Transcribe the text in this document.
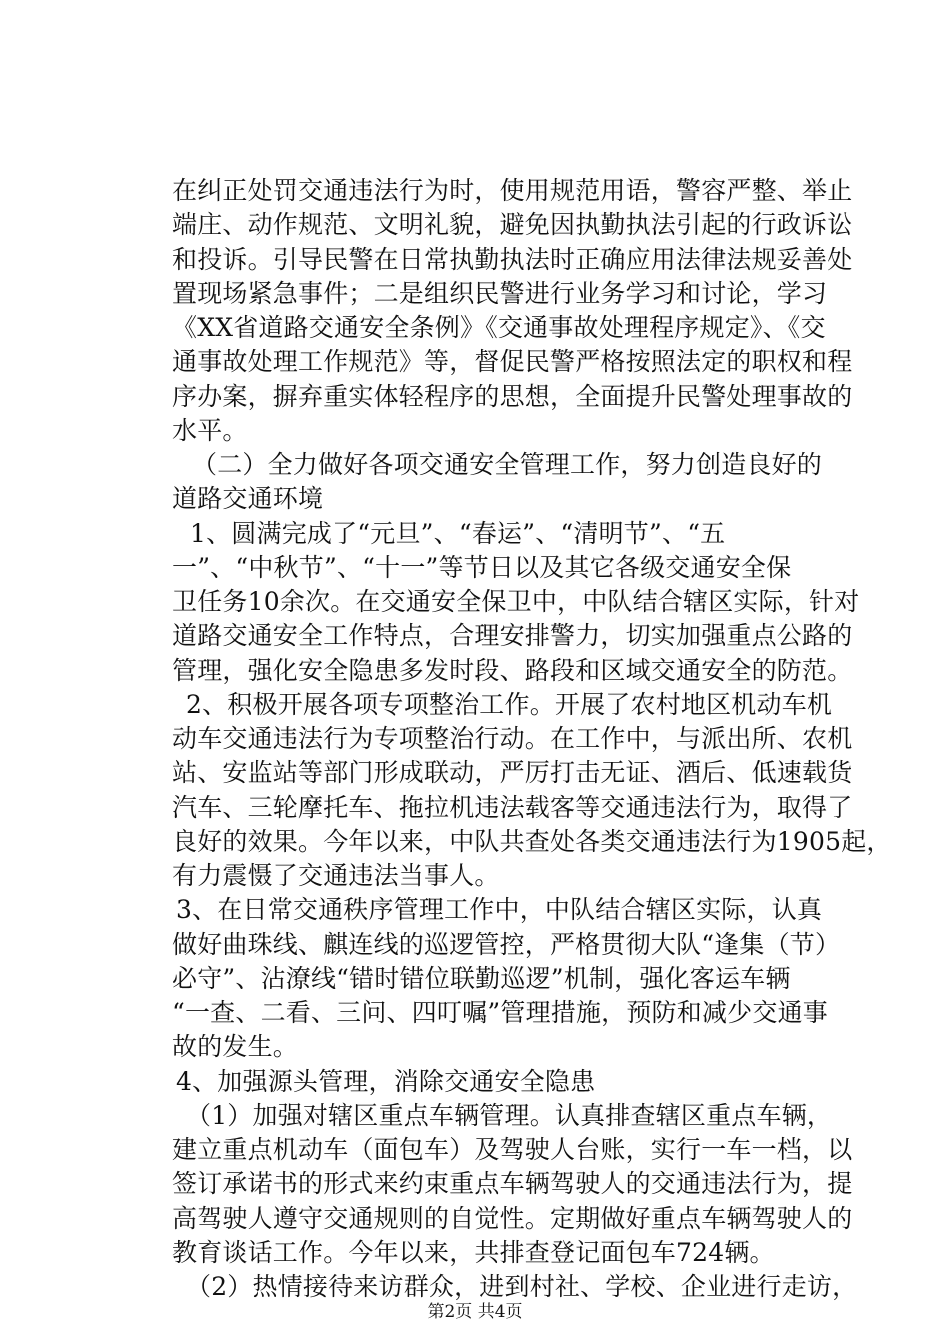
在纠正处罚交通违法行为时，使用规范用语，警容严整、举止
端庄、动作规范、文明礼貌，避免因执勤执法引起的行政诉讼
和投诉。引导民警在日常执勤执法时正确应用法律法规妥善处
置现场紧急事件；二是组织民警进行业务学习和讨论，学习
《XX省道路交通安全条例》《交通事故处理程序规定》、《交
通事故处理工作规范》等，督促民警严格按照法定的职权和程
序办案，摒弃重实体轻程序的思想，全面提升民警处理事故的
水平。
（二）全力做好各项交通安全管理工作，努力创造良好的
道路交通环境
1、圆满完成了“元旦”、“春运”、“清明节”、“五
一”、“中秋节”、“十一”等节日以及其它各级交通安全保
卫任务10余次。在交通安全保卫中，中队结合辖区实际，针对
道路交通安全工作特点，合理安排警力，切实加强重点公路的
管理，强化安全隐患多发时段、路段和区域交通安全的防范。
2、积极开展各项专项整治工作。开展了农村地区机动车机
动车交通违法行为专项整治行动。在工作中，与派出所、农机
站、安监站等部门形成联动，严厉打击无证、酒后、低速载货
汽车、三轮摩托车、拖拉机违法载客等交通违法行为，取得了
良好的效果。今年以来，中队共查处各类交通违法行为1905起，
有力震慑了交通违法当事人。
3、在日常交通秩序管理工作中，中队结合辖区实际，认真
做好曲珠线、麒连线的巡逻管控，严格贯彻大队“逢集（节）
必守”、沾潦线“错时错位联勤巡逻”机制，强化客运车辆
“一查、二看、三问、四叮嘱”管理措施，预防和减少交通事
故的发生。
4、加强源头管理，消除交通安全隐患
（1）加强对辖区重点车辆管理。认真排查辖区重点车辆，
建立重点机动车（面包车）及驾驶人台账，实行一车一档，以
签订承诺书的形式来约束重点车辆驾驶人的交通违法行为，提
高驾驶人遵守交通规则的自觉性。定期做好重点车辆驾驶人的
教育谈话工作。今年以来，共排查登记面包车724辆。
（2）热情接待来访群众，进到村社、学校、企业进行走访，
第2页 共4页
